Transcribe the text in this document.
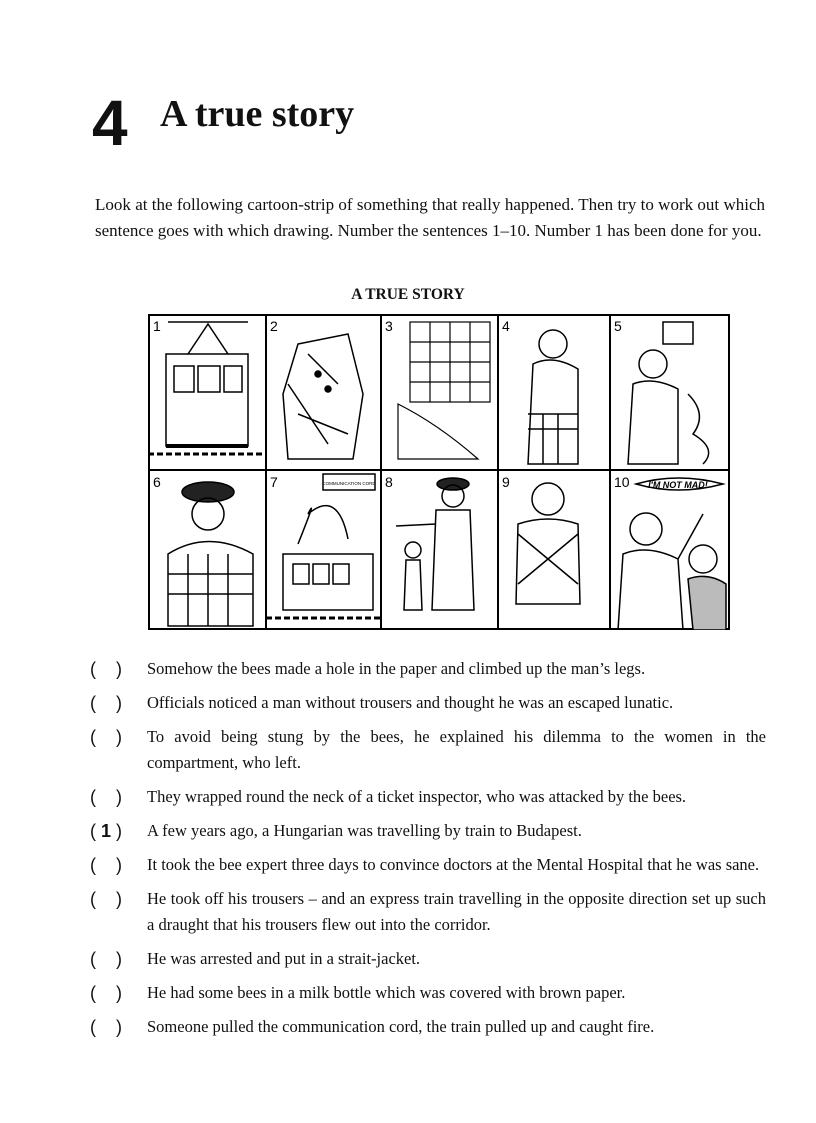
4 A true story
Look at the following cartoon-strip of something that really happened. Then try to work out which sentence goes with which drawing. Number the sentences 1–10. Number 1 has been done for you.
A TRUE STORY
COMMUNICATION CORD	I'M NOT MAD!
1	2	3	4	5
6	7	8	9	10
(    )	Somehow the bees made a hole in the paper and climbed up the man’s legs.
(    )	Officials noticed a man without trousers and thought he was an escaped lunatic.
(    )	To avoid being stung by the bees, he explained his dilemma to the women in the compartment, who left.
(    )	They wrapped round the neck of a ticket inspector, who was attacked by the bees.
( 1 )	A few years ago, a Hungarian was travelling by train to Budapest.
(    )	It took the bee expert three days to convince doctors at the Mental Hospital that he was sane.
(    )	He took off his trousers – and an express train travelling in the opposite direction set up such a draught that his trousers flew out into the corridor.
(    )	He was arrested and put in a strait-jacket.
(    )	He had some bees in a milk bottle which was covered with brown paper.
(    )	Someone pulled the communication cord, the train pulled up and caught fire.
